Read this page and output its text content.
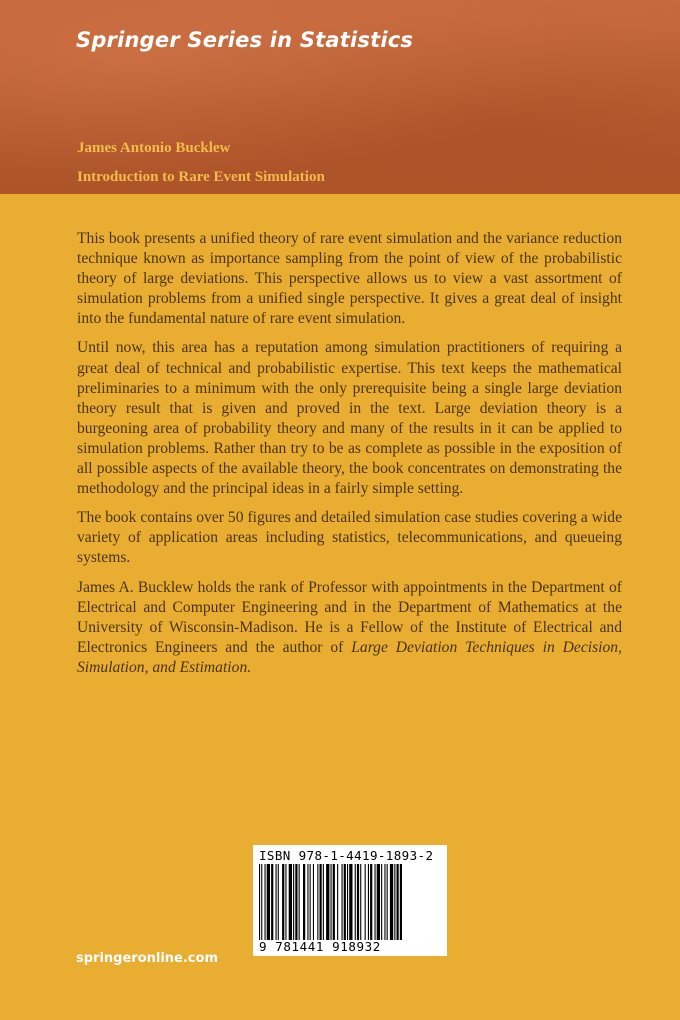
Springer Series in Statistics
James Antonio Bucklew
Introduction to Rare Event Simulation

This book presents a unified theory of rare event simulation and the variance reduction technique known as importance sampling from the point of view of the probabilistic theory of large deviations. This perspective allows us to view a vast assortment of simulation problems from a unified single perspective. It gives a great deal of insight into the fundamental nature of rare event simulation.

Until now, this area has a reputation among simulation practitioners of requiring a great deal of technical and probabilistic expertise. This text keeps the mathematical preliminaries to a minimum with the only prerequisite being a single large deviation theory result that is given and proved in the text. Large deviation theory is a burgeoning area of probability theory and many of the results in it can be applied to simulation problems. Rather than try to be as complete as possible in the exposition of all possible aspects of the available theory, the book concentrates on demonstrating the methodology and the principal ideas in a fairly simple setting.

The book contains over 50 figures and detailed simulation case studies covering a wide variety of application areas including statistics, telecommunications, and queueing systems.

James A. Bucklew holds the rank of Professor with appointments in the Department of Electrical and Computer Engineering and in the Department of Mathematics at the University of Wisconsin-Madison. He is a Fellow of the Institute of Electrical and Electronics Engineers and the author of Large Deviation Techniques in Decision, Simulation, and Estimation.

ISBN 978-1-4419-1893-2
9 781441 918932
springeronline.com
